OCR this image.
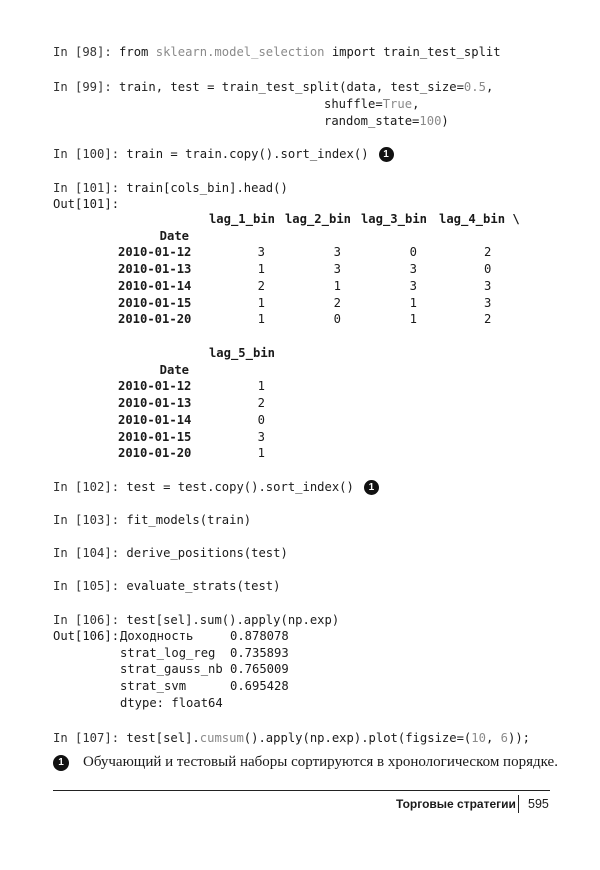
In [98]: from sklearn.model_selection import train_test_split
In [99]: train, test = train_test_split(data, test_size=0.5,
shuffle=True,
random_state=100)
In [100]: train = train.copy().sort_index() 1
In [101]: train[cols_bin].head()
Out[101]:
	lag_1_bin	lag_2_bin	lag_3_bin	lag_4_bin \
Date				
2010-01-12	3	3	0	2
2010-01-13	1	3	3	0
2010-01-14	2	1	3	3
2010-01-15	1	2	1	3
2010-01-20	1	0	1	2
	lag_5_bin
Date	
2010-01-12	1
2010-01-13	2
2010-01-14	0
2010-01-15	3
2010-01-20	1
In [102]: test = test.copy().sort_index() 1
In [103]: fit_models(train)
In [104]: derive_positions(test)
In [105]: evaluate_strats(test)
In [106]: test[sel].sum().apply(np.exp)
Out[106]: Доходность	0.878078
strat_log_reg	0.735893
strat_gauss_nb	0.765009
strat_svm	0.695428
dtype: float64	
In [107]: test[sel].cumsum().apply(np.exp).plot(figsize=(10, 6));
1 Обучающий и тестовый наборы сортируются в хронологическом порядке.
Торговые стратегии 595
